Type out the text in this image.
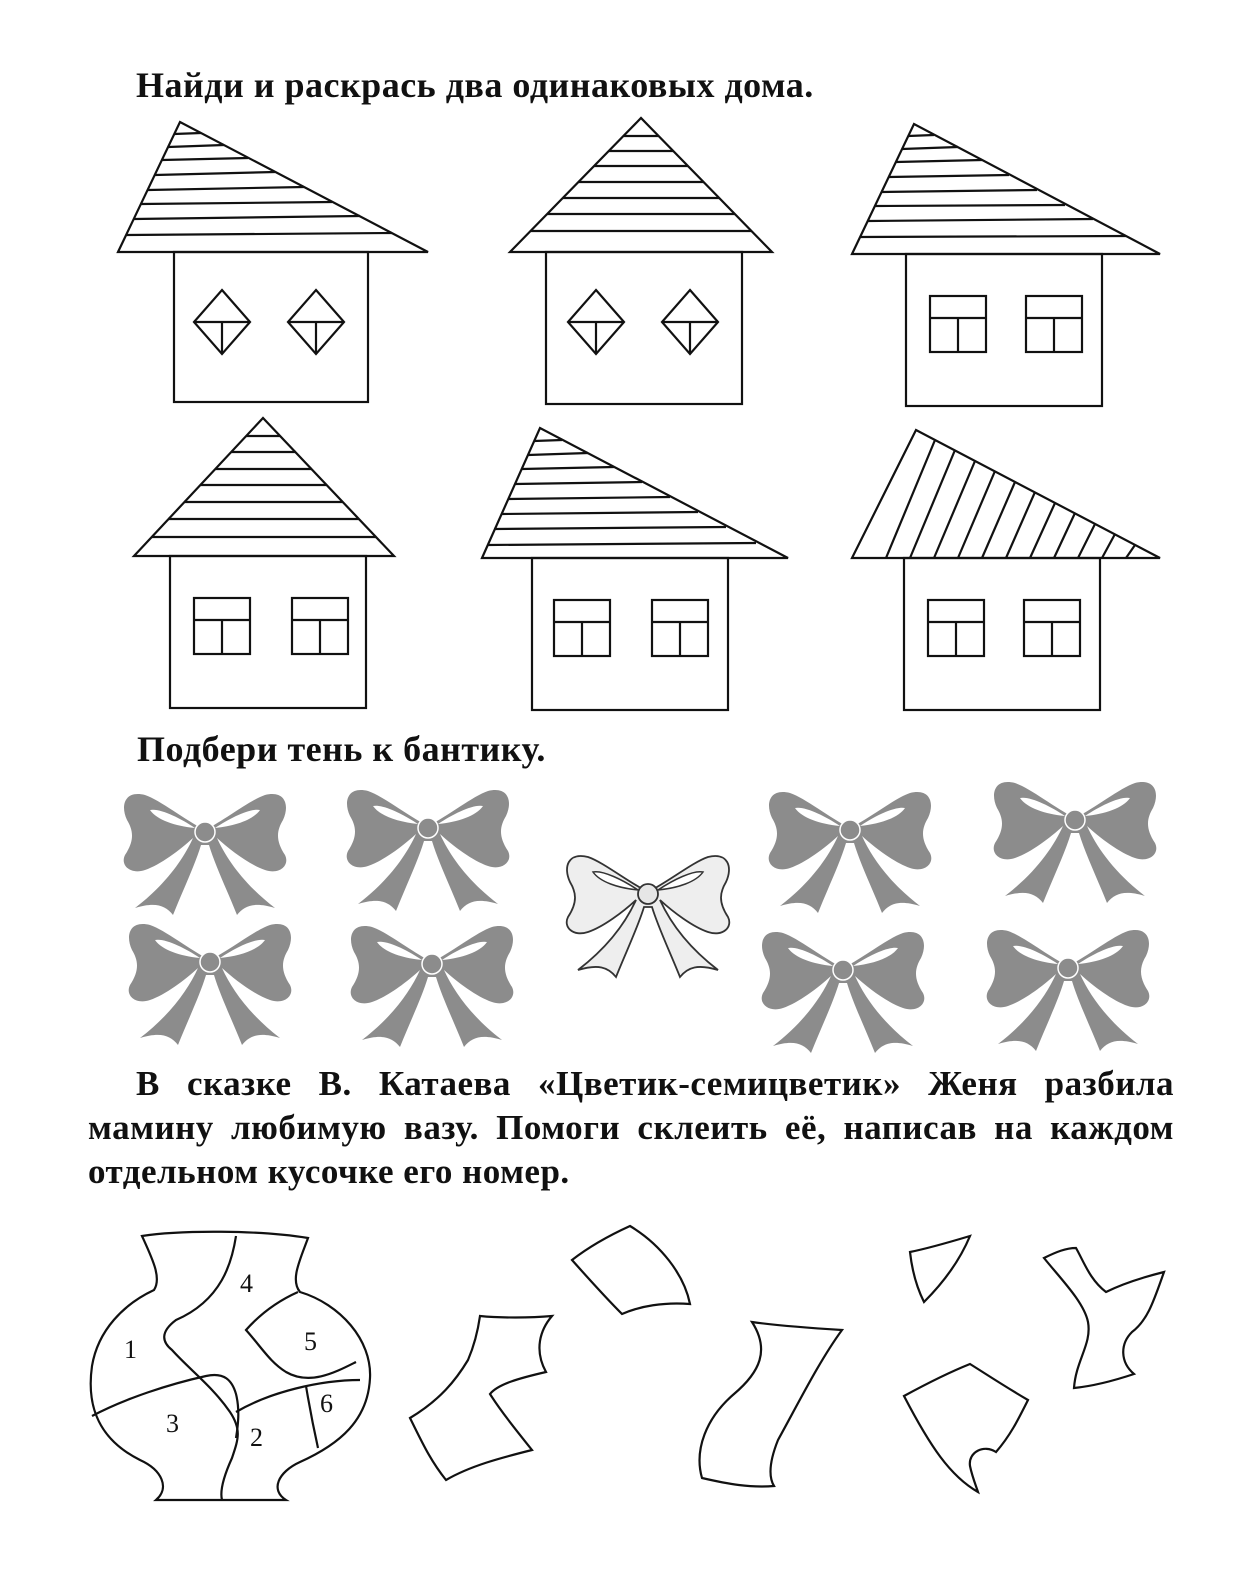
Найди и раскрась два одинаковых дома.
Подбери тень к бантику.
В сказке В. Катаева «Цветик-семицветик» Женя разбила мамину любимую вазу. Помоги склеить её, написав на каждом отдельном кусочке его номер.
1
2
3
4
5
6
